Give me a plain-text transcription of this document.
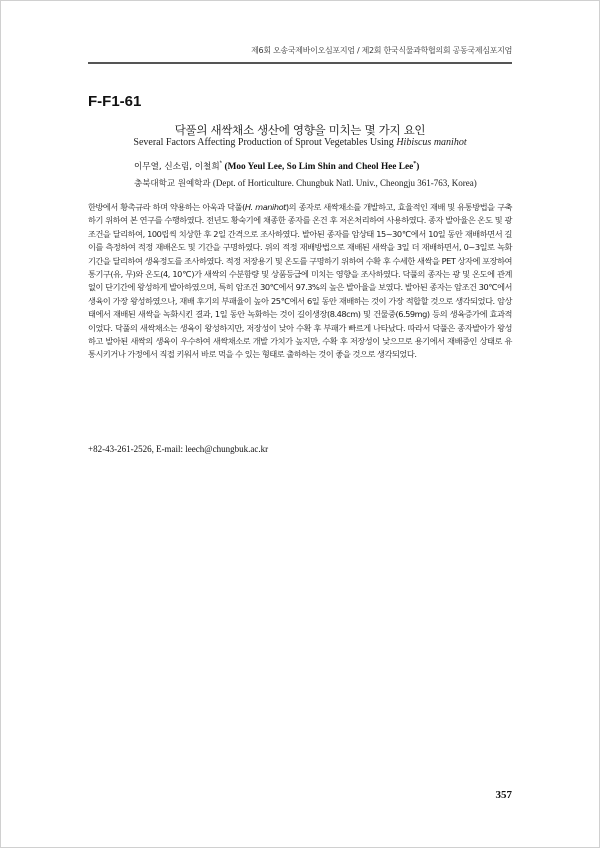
제6회 오송국제바이오심포지엄 / 제2회 한국식물과학협의회 공동국제심포지엄
F-F1-61
닥풀의 새싹채소 생산에 영향을 미치는 몇 가지 요인
Several Factors Affecting Production of Sprout Vegetables Using Hibiscus manihot
이무열, 신소림, 이철희* (Moo Yeul Lee, So Lim Shin and Cheol Hee Lee*)
충북대학교 원예학과 (Dept. of Horticulture. Chungbuk Natl. Univ., Cheongju 361-763, Korea)

한방에서 황촉규라 하며 약용하는 아욱과 닥풀(H. manihot)의 종자로 새싹채소를 개발하고, 효율적인 재배 및 유통방법을 구축하기 위하여 본 연구를 수행하였다. 전년도 황숙기에 채종한 종자를 온건 후 저온처리하여 사용하였다. 종자 발아율은 온도 및 광조건을 달리하여, 100립씩 치상한 후 2일 간격으로 조사하였다. 발아된 종자를 암상태 15~30℃에서 10일 동안 재배하면서 길이를 측정하여 적정 재배온도 및 기간을 구명하였다. 위의 적정 재배방법으로 재배된 새싹을 3일 더 재배하면서, 0~3일로 녹화기간을 달리하여 생육정도를 조사하였다. 적정 저장용기 및 온도를 구명하기 위하여 수확 후 수세한 새싹을 PET 상자에 포장하여 통기구(유, 무)와 온도(4, 10℃)가 새싹의 수분함량 및 상품등급에 미치는 영향을 조사하였다. 닥풀의 종자는 광 및 온도에 관계없이 단기간에 왕성하게 발아하였으며, 특히 암조건 30℃에서 97.3%의 높은 발아율을 보였다. 발아된 종자는 암조건 30℃에서 생육이 가장 왕성하였으나, 재배 후기의 부패율이 높아 25℃에서 6일 동안 재배하는 것이 가장 적합할 것으로 생각되었다. 암상태에서 재배된 새싹을 녹화시킨 결과, 1일 동안 녹화하는 것이 길이생장(8.48cm) 및 건물중(6.59mg) 등의 생육증가에 효과적이었다. 닥풀의 새싹채소는 생육이 왕성하지만, 저장성이 낮아 수확 후 부패가 빠르게 나타났다. 따라서 닥풀은 종자발아가 왕성하고 발아된 새싹의 생육이 우수하여 새싹채소로 개발 가치가 높지만, 수확 후 저장성이 낮으므로 용기에서 재배중인 상태로 유통시키거나 가정에서 직접 키워서 바로 먹을 수 있는 형태로 출하하는 것이 좋을 것으로 생각되었다.

+82-43-261-2526, E-mail: leech@chungbuk.ac.kr
357
